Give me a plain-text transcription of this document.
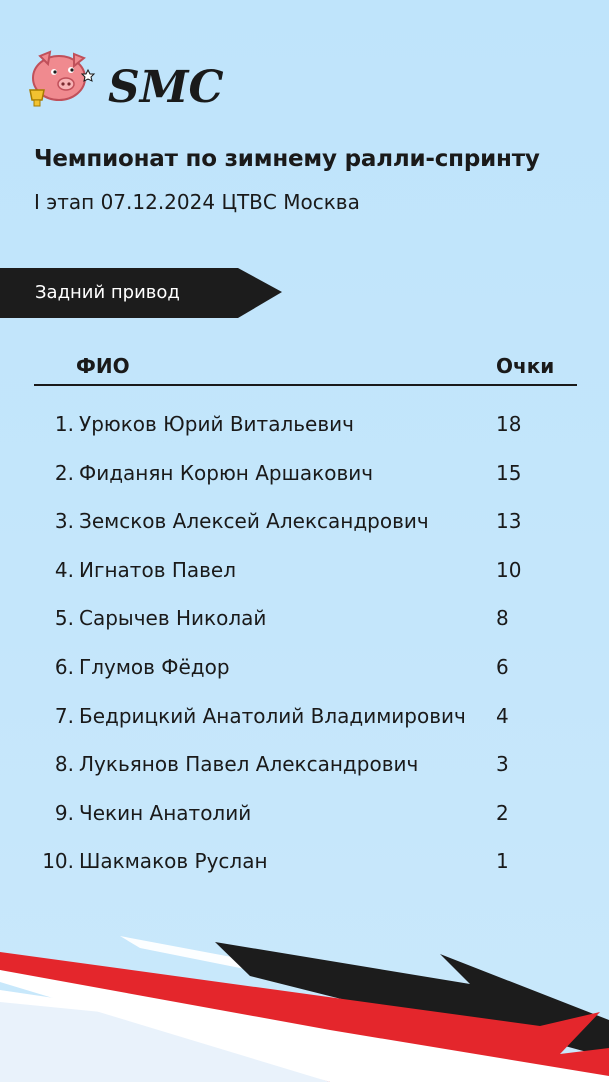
SMC
Чемпионат по зимнему ралли-спринту
I этап 07.12.2024 ЦТВС Москва
Задний привод
ФИО	Очки
1. Урюков Юрий Витальевич	18
2. Фиданян Корюн Аршакович	15
3. Земсков Алексей Александрович	13
4. Игнатов Павел	10
5. Сарычев Николай	8
6. Глумов Фёдор	6
7. Бедрицкий Анатолий Владимирович 4
8. Лукьянов Павел Александрович	3
9. Чекин Анатолий	2
10. Шакмаков Руслан	1
